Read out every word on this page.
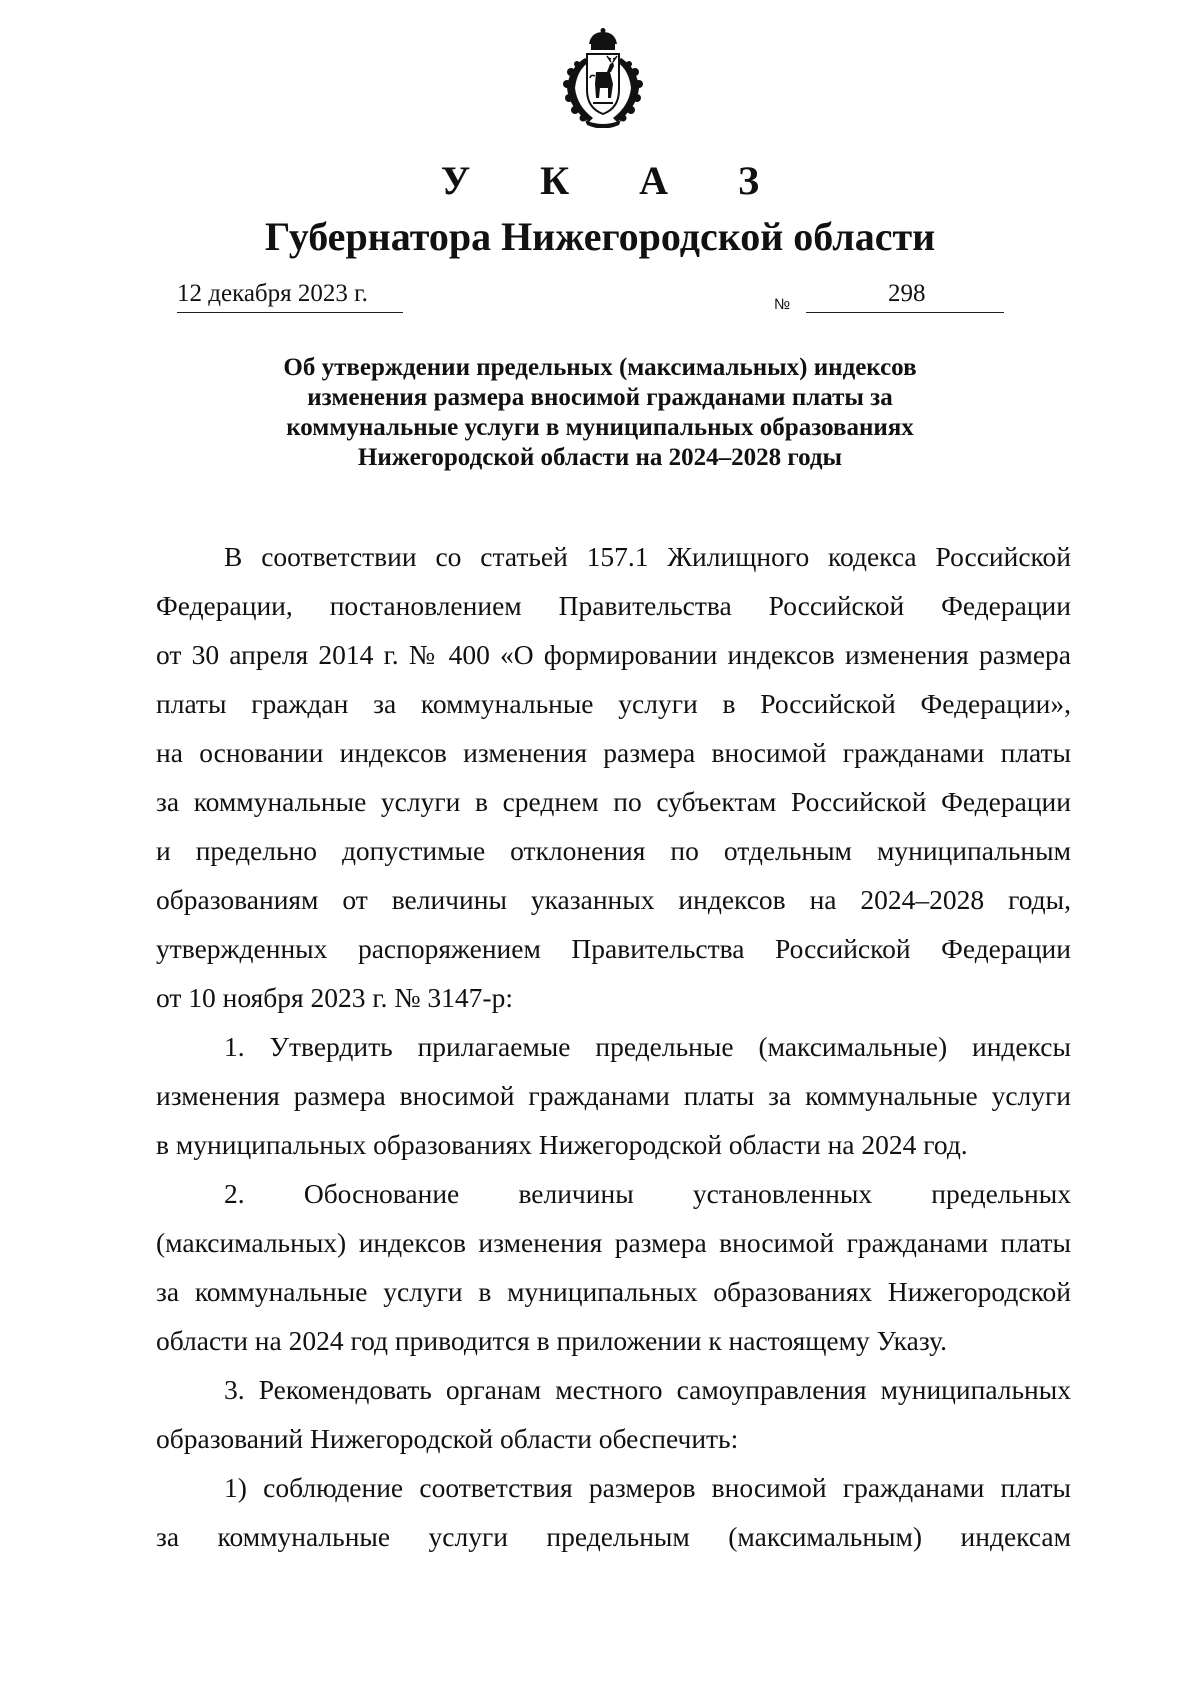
У К А З
Губернатора Нижегородской области
12 декабря 2023 г.	№	298
Об утверждении предельных (максимальных) индексов
изменения размера вносимой гражданами платы за
коммунальные услуги в муниципальных образованиях
Нижегородской области на 2024–2028 годы
В соответствии со статьей 157.1 Жилищного кодекса Российской
Федерации, постановлением Правительства Российской Федерации
от 30 апреля 2014 г. № 400 «О формировании индексов изменения размера
платы граждан за коммунальные услуги в Российской Федерации»,
на основании индексов изменения размера вносимой гражданами платы
за коммунальные услуги в среднем по субъектам Российской Федерации
и предельно допустимые отклонения по отдельным муниципальным
образованиям от величины указанных индексов на 2024–2028 годы,
утвержденных распоряжением Правительства Российской Федерации
от 10 ноября 2023 г. № 3147-р:
1. Утвердить прилагаемые предельные (максимальные) индексы
изменения размера вносимой гражданами платы за коммунальные услуги
в муниципальных образованиях Нижегородской области на 2024 год.
2. Обоснование величины установленных предельных
(максимальных) индексов изменения размера вносимой гражданами платы
за коммунальные услуги в муниципальных образованиях Нижегородской
области на 2024 год приводится в приложении к настоящему Указу.
3. Рекомендовать органам местного самоуправления муниципальных
образований Нижегородской области обеспечить:
1) соблюдение соответствия размеров вносимой гражданами платы
за коммунальные услуги предельным (максимальным) индексам
